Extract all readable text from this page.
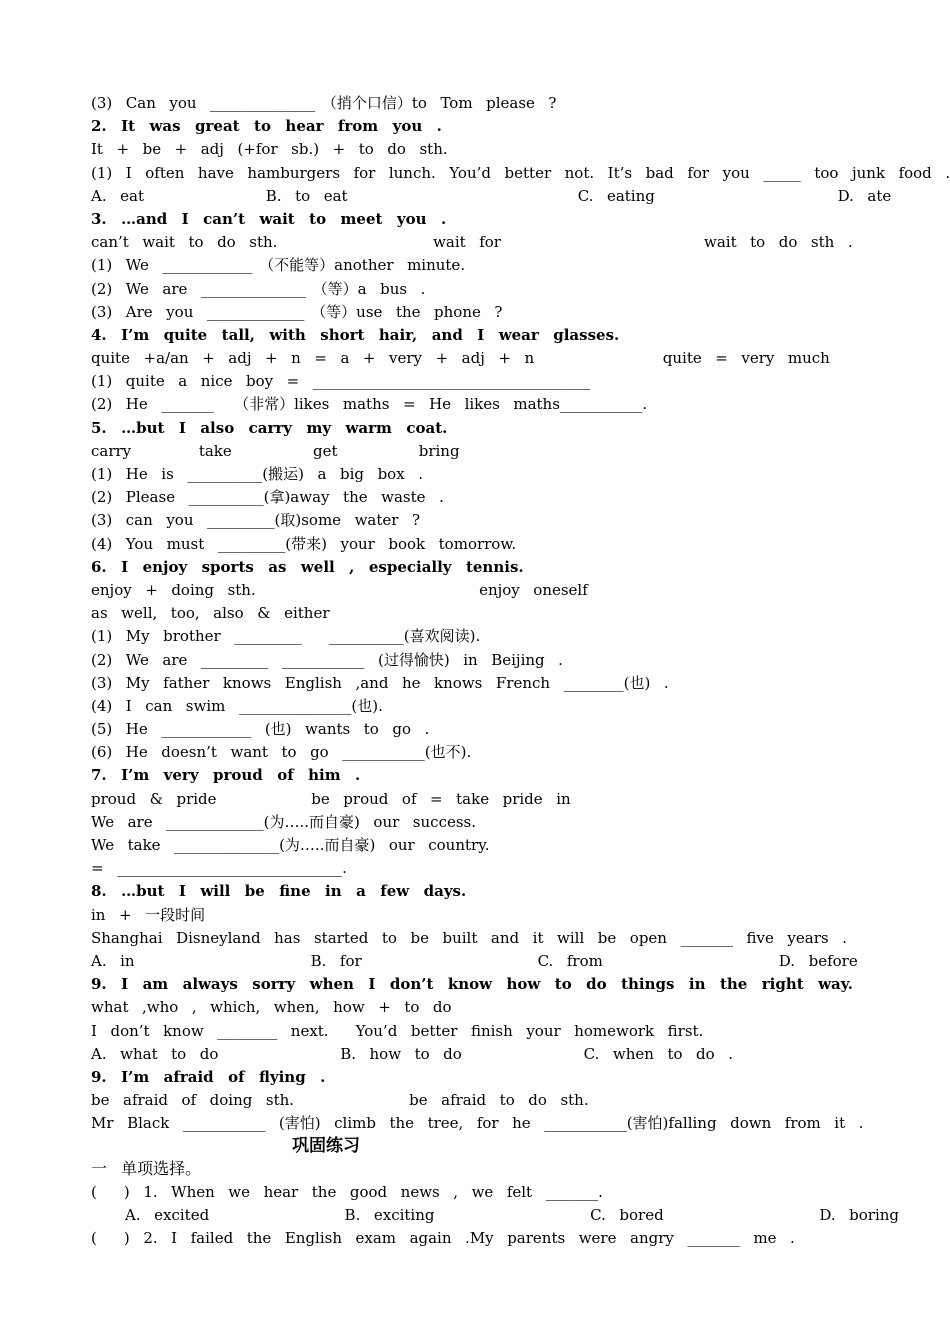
(3)  Can  you  ______________ （捎个口信）to  Tom  please  ?
2.  It  was  great  to  hear  from  you  .
It  +  be  +  adj  (+for  sb.)  +  to  do  sth.
(1)  I  often  have  hamburgers  for  lunch.  You’d  better  not.  It’s  bad  for  you  _____  too  junk  food  .
A.  eat                  B.  to  eat                                  C.  eating                           D.  ate
3.  …and  I  can’t  wait  to  meet  you  .
can’t  wait  to  do  sth.                       wait  for                              wait  to  do  sth  .
(1)  We  ____________ （不能等）another  minute.
(2)  We  are  ______________ （等）a  bus  .
(3)  Are  you  _____________ （等）use  the  phone  ?
4.  I’m  quite  tall,  with  short  hair,  and  I  wear  glasses.
quite  +a/an  +  adj  +  n  =  a  +  very  +  adj  +  n                   quite  =  very  much
(1)  quite  a  nice  boy  =  _____________________________________
(2)  He  _______   （非常）likes  maths  =  He  likes  maths___________.
5.  …but  I  also  carry  my  warm  coat.
carry          take            get            bring
(1)  He  is  __________(搬运)  a  big  box  .
(2)  Please  __________(拿)away  the  waste  .
(3)  can  you  _________(取)some  water  ?
(4)  You  must  _________(带来)  your  book  tomorrow.
6.  I  enjoy  sports  as  well  ,  especially  tennis.
enjoy  +  doing  sth.                                 enjoy  oneself
as  well,  too,  also  &  either
(1)  My  brother  _________    __________(喜欢阅读).
(2)  We  are  _________  ___________  (过得愉快)  in  Beijing  .
(3)  My  father  knows  English  ,and  he  knows  French  ________(也)  .
(4)  I  can  swim  _______________(也).
(5)  He  ____________  (也)  wants  to  go  .
(6)  He  doesn’t  want  to  go  ___________(也不).
7.  I’m  very  proud  of  him  .
proud  &  pride              be  proud  of  =  take  pride  in
We  are  _____________(为…..而自豪)  our  success.
We  take  ______________(为…..而自豪)  our  country.
=  ______________________________.
8.  …but  I  will  be  fine  in  a  few  days.
in  +  一段时间
Shanghai  Disneyland  has  started  to  be  built  and  it  will  be  open  _______  five  years  .
A.  in                          B.  for                          C.  from                          D.  before
9.  I  am  always  sorry  when  I  don’t  know  how  to  do  things  in  the  right  way.
what  ,who  ,  which,  when,  how  +  to  do
I  don’t  know  ________  next.    You’d  better  finish  your  homework  first.
A.  what  to  do                  B.  how  to  do                  C.  when  to  do  .
9.  I’m  afraid  of  flying  .
be  afraid  of  doing  sth.                 be  afraid  to  do  sth.
Mr  Black  ___________  (害怕)  climb  the  tree,  for  he  ___________(害怕)falling  down  from  it  .
巩固练习
一  单项选择。
(    )  1.  When  we  hear  the  good  news  ,  we  felt  _______.
A.  excited                    B.  exciting                       C.  bored                       D.  boring
(    )  2.  I  failed  the  English  exam  again  .My  parents  were  angry  _______  me  .
